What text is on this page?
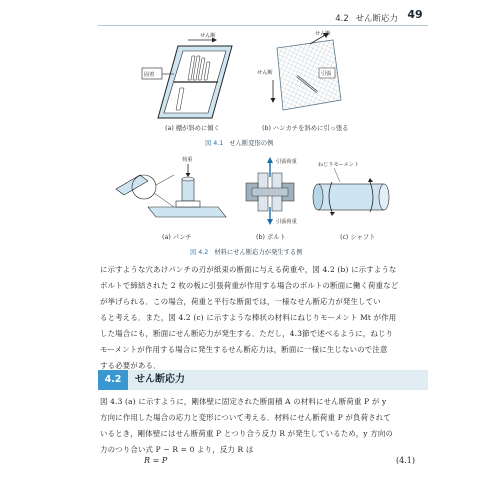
4.2 せん断応力 49
せん断
固着
(a) 棚が斜めに傾く
せん断
せん断	引張
(b) ハンカチを斜めに引っ張る
図 4.1 せん断変形の例
荷重
(a) パンチ
引張荷重
引張荷重
(b) ボルト
ねじりモーメント
(c) シャフト
図 4.2 材料にせん断応力が発生する例
に示すような穴あけパンチの刃が紙束の断面に与える荷重や，図 4.2 (b) に示すような
ボルトで締結された 2 枚の板に引張荷重が作用する場合のボルトの断面に働く荷重など
が挙げられる．この場合，荷重と平行な断面では，一様なせん断応力が発生してい
ると考える．また，図 4.2 (c) に示すような棒状の材料にねじりモーメント Mt が作用
した場合にも，断面にせん断応力が発生する．ただし，4.3節で述べるように，ねじり
モーメントが作用する場合に発生するせん断応力は，断面に一様に生じないので注意
する必要がある．
4.2	せん断応力
図 4.3 (a) に示すように，剛体壁に固定された断面積 A の材料にせん断荷重 P が y
方向に作用した場合の応力と変形について考える．材料にせん断荷重 P が負荷されて
いるとき，剛体壁にはせん断荷重 P とつり合う反力 R が発生しているため，y 方向の
力のつり合い式 P − R = 0 より，反力 R は
R = P	(4.1)
